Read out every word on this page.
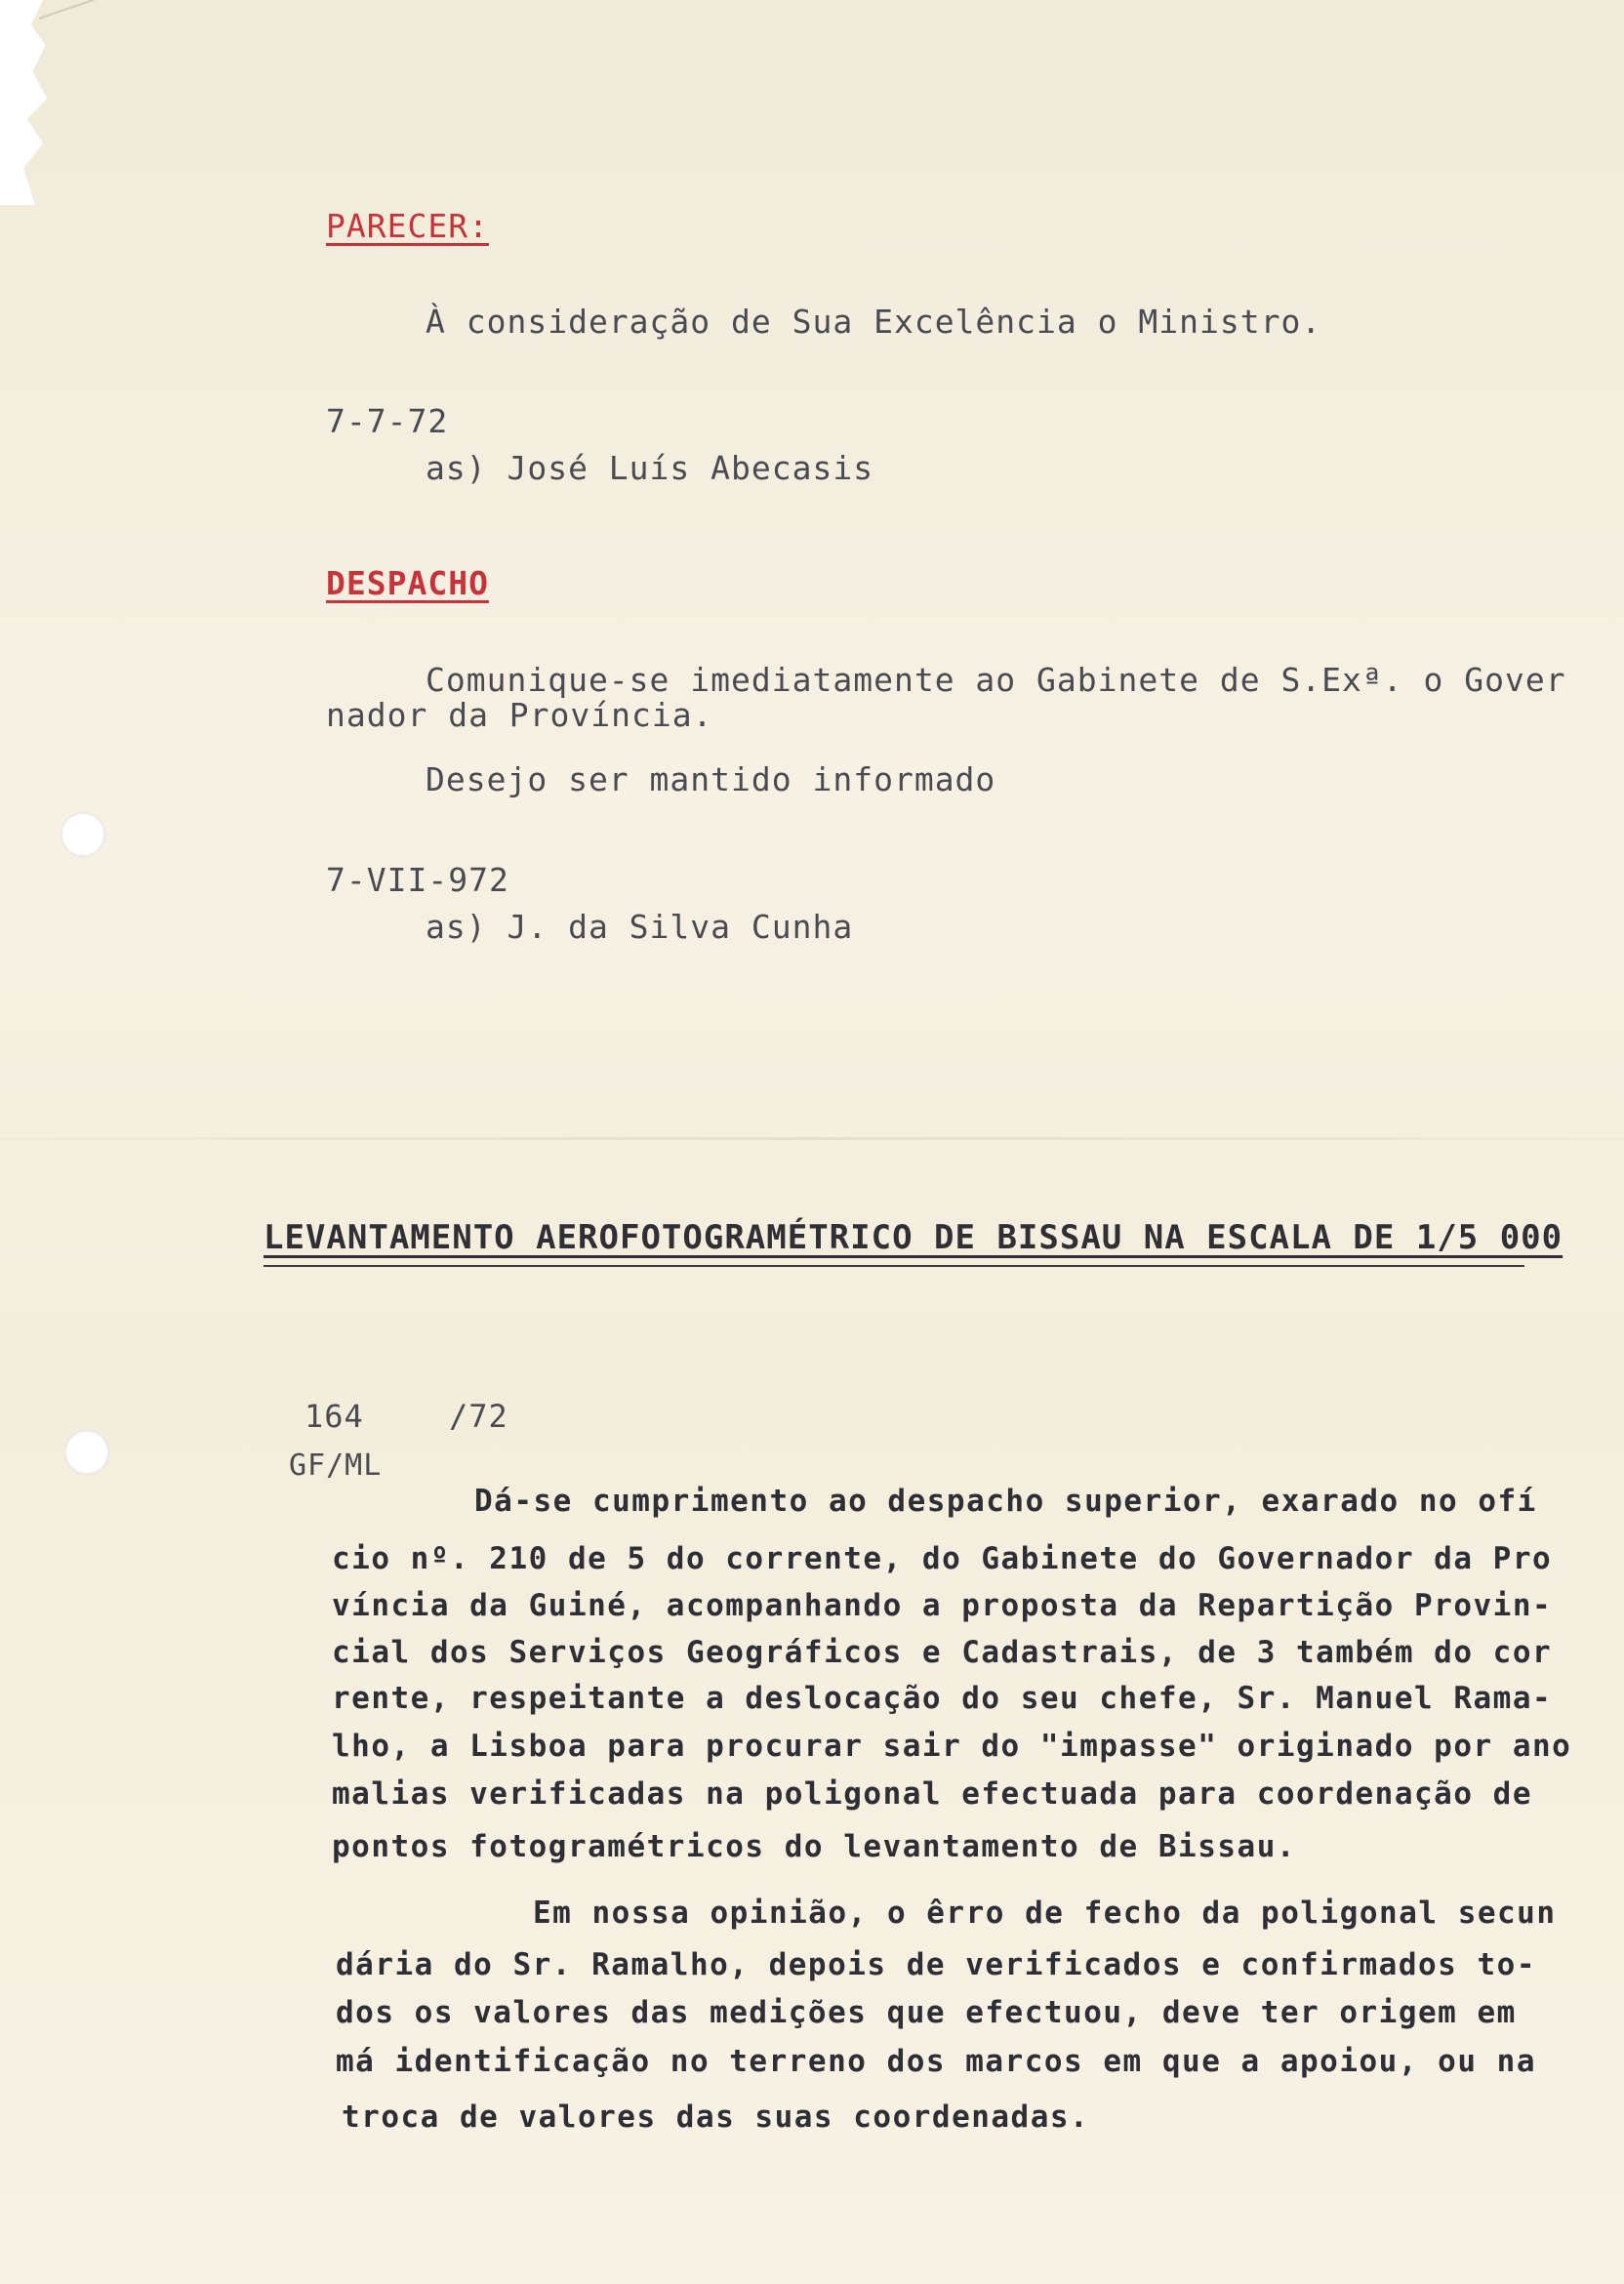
PARECER:
À consideração de Sua Excelência o Ministro.
7-7-72
as) José Luís Abecasis
DESPACHO
Comunique-se imediatamente ao Gabinete de S.Exª. o Gover
nador da Província.
Desejo ser mantido informado
7-VII-972
as) J. da Silva Cunha
LEVANTAMENTO AEROFOTOGRAMÉTRICO DE BISSAU NA ESCALA DE 1/5 000
164	/72
GF/ML
Dá-se cumprimento ao despacho superior, exarado no ofí
cio nº. 210 de 5 do corrente, do Gabinete do Governador da Pro
víncia da Guiné, acompanhando a proposta da Repartição Provin-
cial dos Serviços Geográficos e Cadastrais, de 3 também do cor
rente, respeitante a deslocação do seu chefe, Sr. Manuel Rama-
lho, a Lisboa para procurar sair do "impasse" originado por ano
malias verificadas na poligonal efectuada para coordenação de
pontos fotogramétricos do levantamento de Bissau.
Em nossa opinião, o êrro de fecho da poligonal secun
dária do Sr. Ramalho, depois de verificados e confirmados to-
dos os valores das medições que efectuou, deve ter origem em
má identificação no terreno dos marcos em que a apoiou, ou na
troca de valores das suas coordenadas.
